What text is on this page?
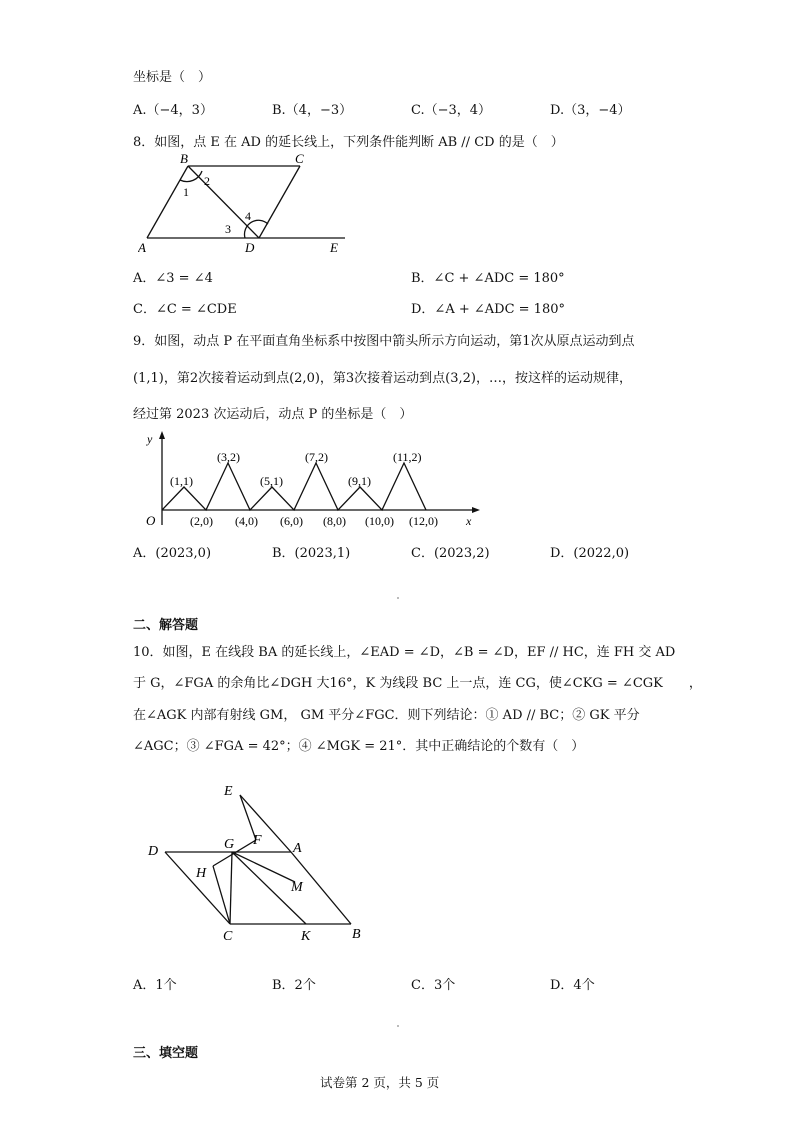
坐标是（　）
A.（−4，3）	B.（4，−3）	C.（−3，4）	D.（3，−4）
8．如图，点 E 在 AD 的延长线上，下列条件能判断 AB // CD 的是（　）
B	C
A	D	E
1
2
3
4
A．∠3 = ∠4	B．∠C + ∠ADC = 180°
C．∠C = ∠CDE	D．∠A + ∠ADC = 180°
9．如图，动点 P 在平面直角坐标系中按图中箭头所示方向运动，第1次从原点运动到点
(1,1)，第2次接着运动到点(2,0)，第3次接着运动到点(3,2)，…，按这样的运动规律，
经过第 2023 次运动后，动点 P 的坐标是（　）
y
x
O
(1,1)
(3,2)
(5,1)
(7,2)
(9,1)
(11,2)
(2,0) (4,0) (6,0) (8,0) (10,0) (12,0)
A．(2023,0)	B．(2023,1)	C．(2023,2)	D．(2022,0)
二、解答题
10．如图，E 在线段 BA 的延长线上，∠EAD = ∠D，∠B = ∠D，EF // HC，连 FH 交 AD
于 G，∠FGA 的余角比∠DGH 大16°，K 为线段 BC 上一点，连 CG，使∠CKG = ∠CGK　　，
在∠AGK 内部有射线 GM， GM 平分∠FGC．则下列结论：① AD // BC；② GK 平分
∠AGC；③ ∠FGA = 42°；④ ∠MGK = 21°．其中正确结论的个数有（　）
E
F
G	A
D
H
M
C	K	B
A．1个	B．2个	C．3个	D．4个
三、填空题
试卷第 2 页，共 5 页
